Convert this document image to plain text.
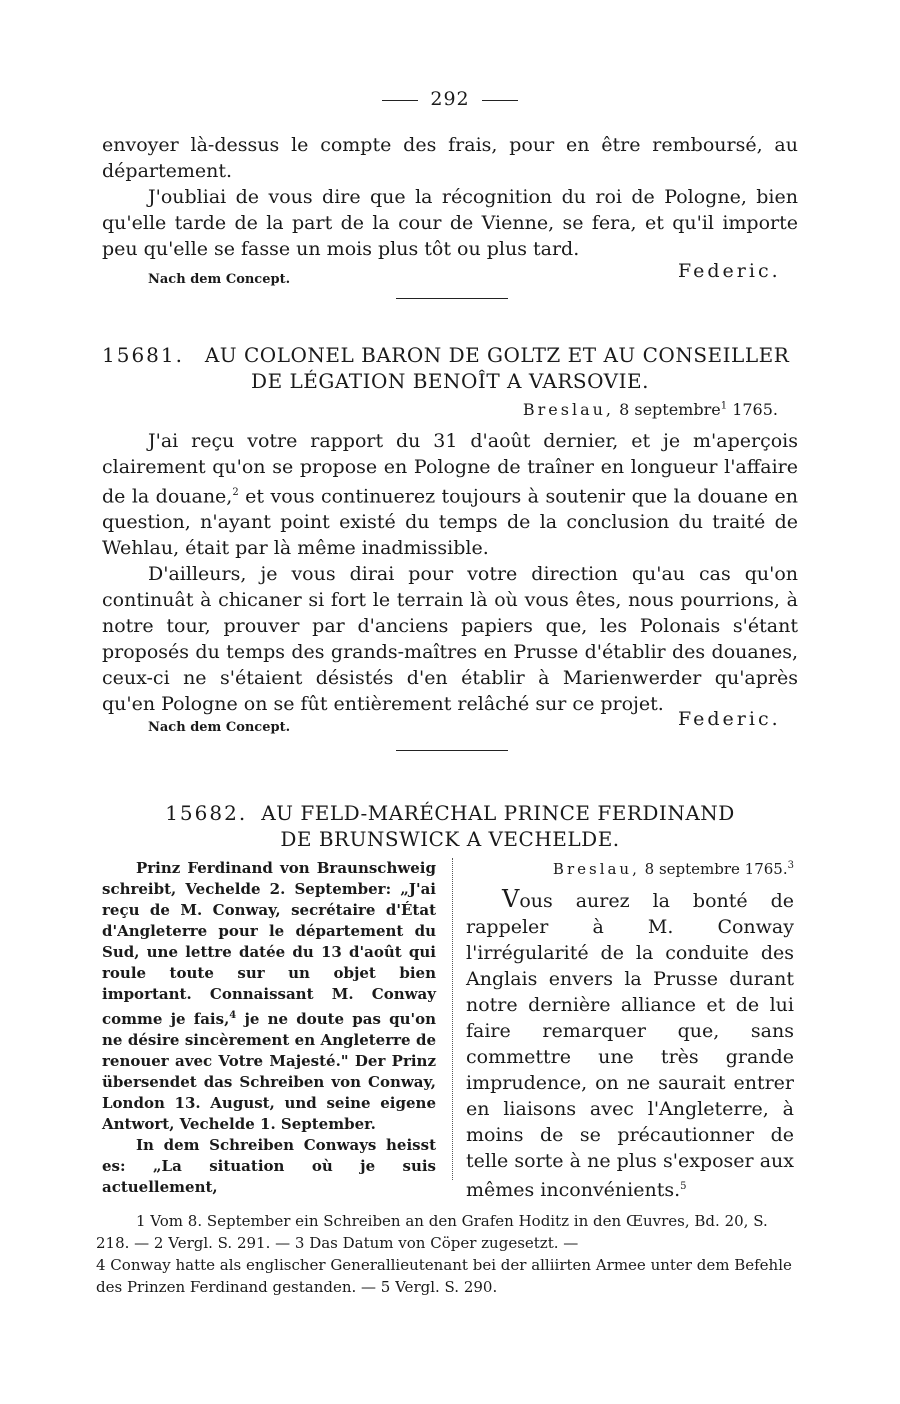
292

envoyer là-dessus le compte des frais, pour en être remboursé, au département.

J'oubliai de vous dire que la récognition du roi de Pologne, bien qu'elle tarde de la part de la cour de Vienne, se fera, et qu'il importe peu qu'elle se fasse un mois plus tôt ou plus tard.

Nach dem Concept.	Federic.
15681. AU COLONEL BARON DE GOLTZ ET AU CONSEILLER
DE LÉGATION BENOÎT A VARSOVIE.
Breslau, 8 septembre$^1$ 1765.

J'ai reçu votre rapport du 31 d'août dernier, et je m'aperçois clairement qu'on se propose en Pologne de traîner en longueur l'affaire de la douane,$^2$ et vous continuerez toujours à soutenir que la douane en question, n'ayant point existé du temps de la conclusion du traité de Wehlau, était par là même inadmissible.

D'ailleurs, je vous dirai pour votre direction qu'au cas qu'on continuât à chicaner si fort le terrain là où vous êtes, nous pourrions, à notre tour, prouver par d'anciens papiers que, les Polonais s'étant proposés du temps des grands-maîtres en Prusse d'établir des douanes, ceux-ci ne s'étaient désistés d'en établir à Marienwerder qu'après qu'en Pologne on se fût entièrement relâché sur ce projet.

Nach dem Concept.	Federic.
15682. AU FELD-MARÉCHAL PRINCE FERDINAND
DE BRUNSWICK A VECHELDE.

Prinz Ferdinand von Braunschweig schreibt, Vechelde 2. September: „J'ai reçu de M. Conway, secrétaire d'État d'Angleterre pour le département du Sud, une lettre datée du 13 d'août qui roule toute sur un objet bien important. Connaissant M. Conway comme je fais,$^4$ je ne doute pas qu'on ne désire sincèrement en Angleterre de renouer avec Votre Majesté." Der Prinz übersendet das Schreiben von Conway, London 13. August, und seine eigene Antwort, Vechelde 1. September.

In dem Schreiben Conways heisst es: „La situation où je suis actuellement,

Breslau, 8 septembre 1765.$^3$

Vous aurez la bonté de rappeler à M. Conway l'irrégularité de la conduite des Anglais envers la Prusse durant notre dernière alliance et de lui faire remarquer que, sans commettre une très grande imprudence, on ne saurait entrer en liaisons avec l'Angleterre, à moins de se précautionner de telle sorte à ne plus s'exposer aux mêmes inconvénients.$^5$

1 Vom 8. September ein Schreiben an den Grafen Hoditz in den Œuvres, Bd. 20, S. 218. — 2 Vergl. S. 291. — 3 Das Datum von Cöper zugesetzt. —

4 Conway hatte als englischer Generallieutenant bei der alliirten Armee unter dem Befehle des Prinzen Ferdinand gestanden. — 5 Vergl. S. 290.
